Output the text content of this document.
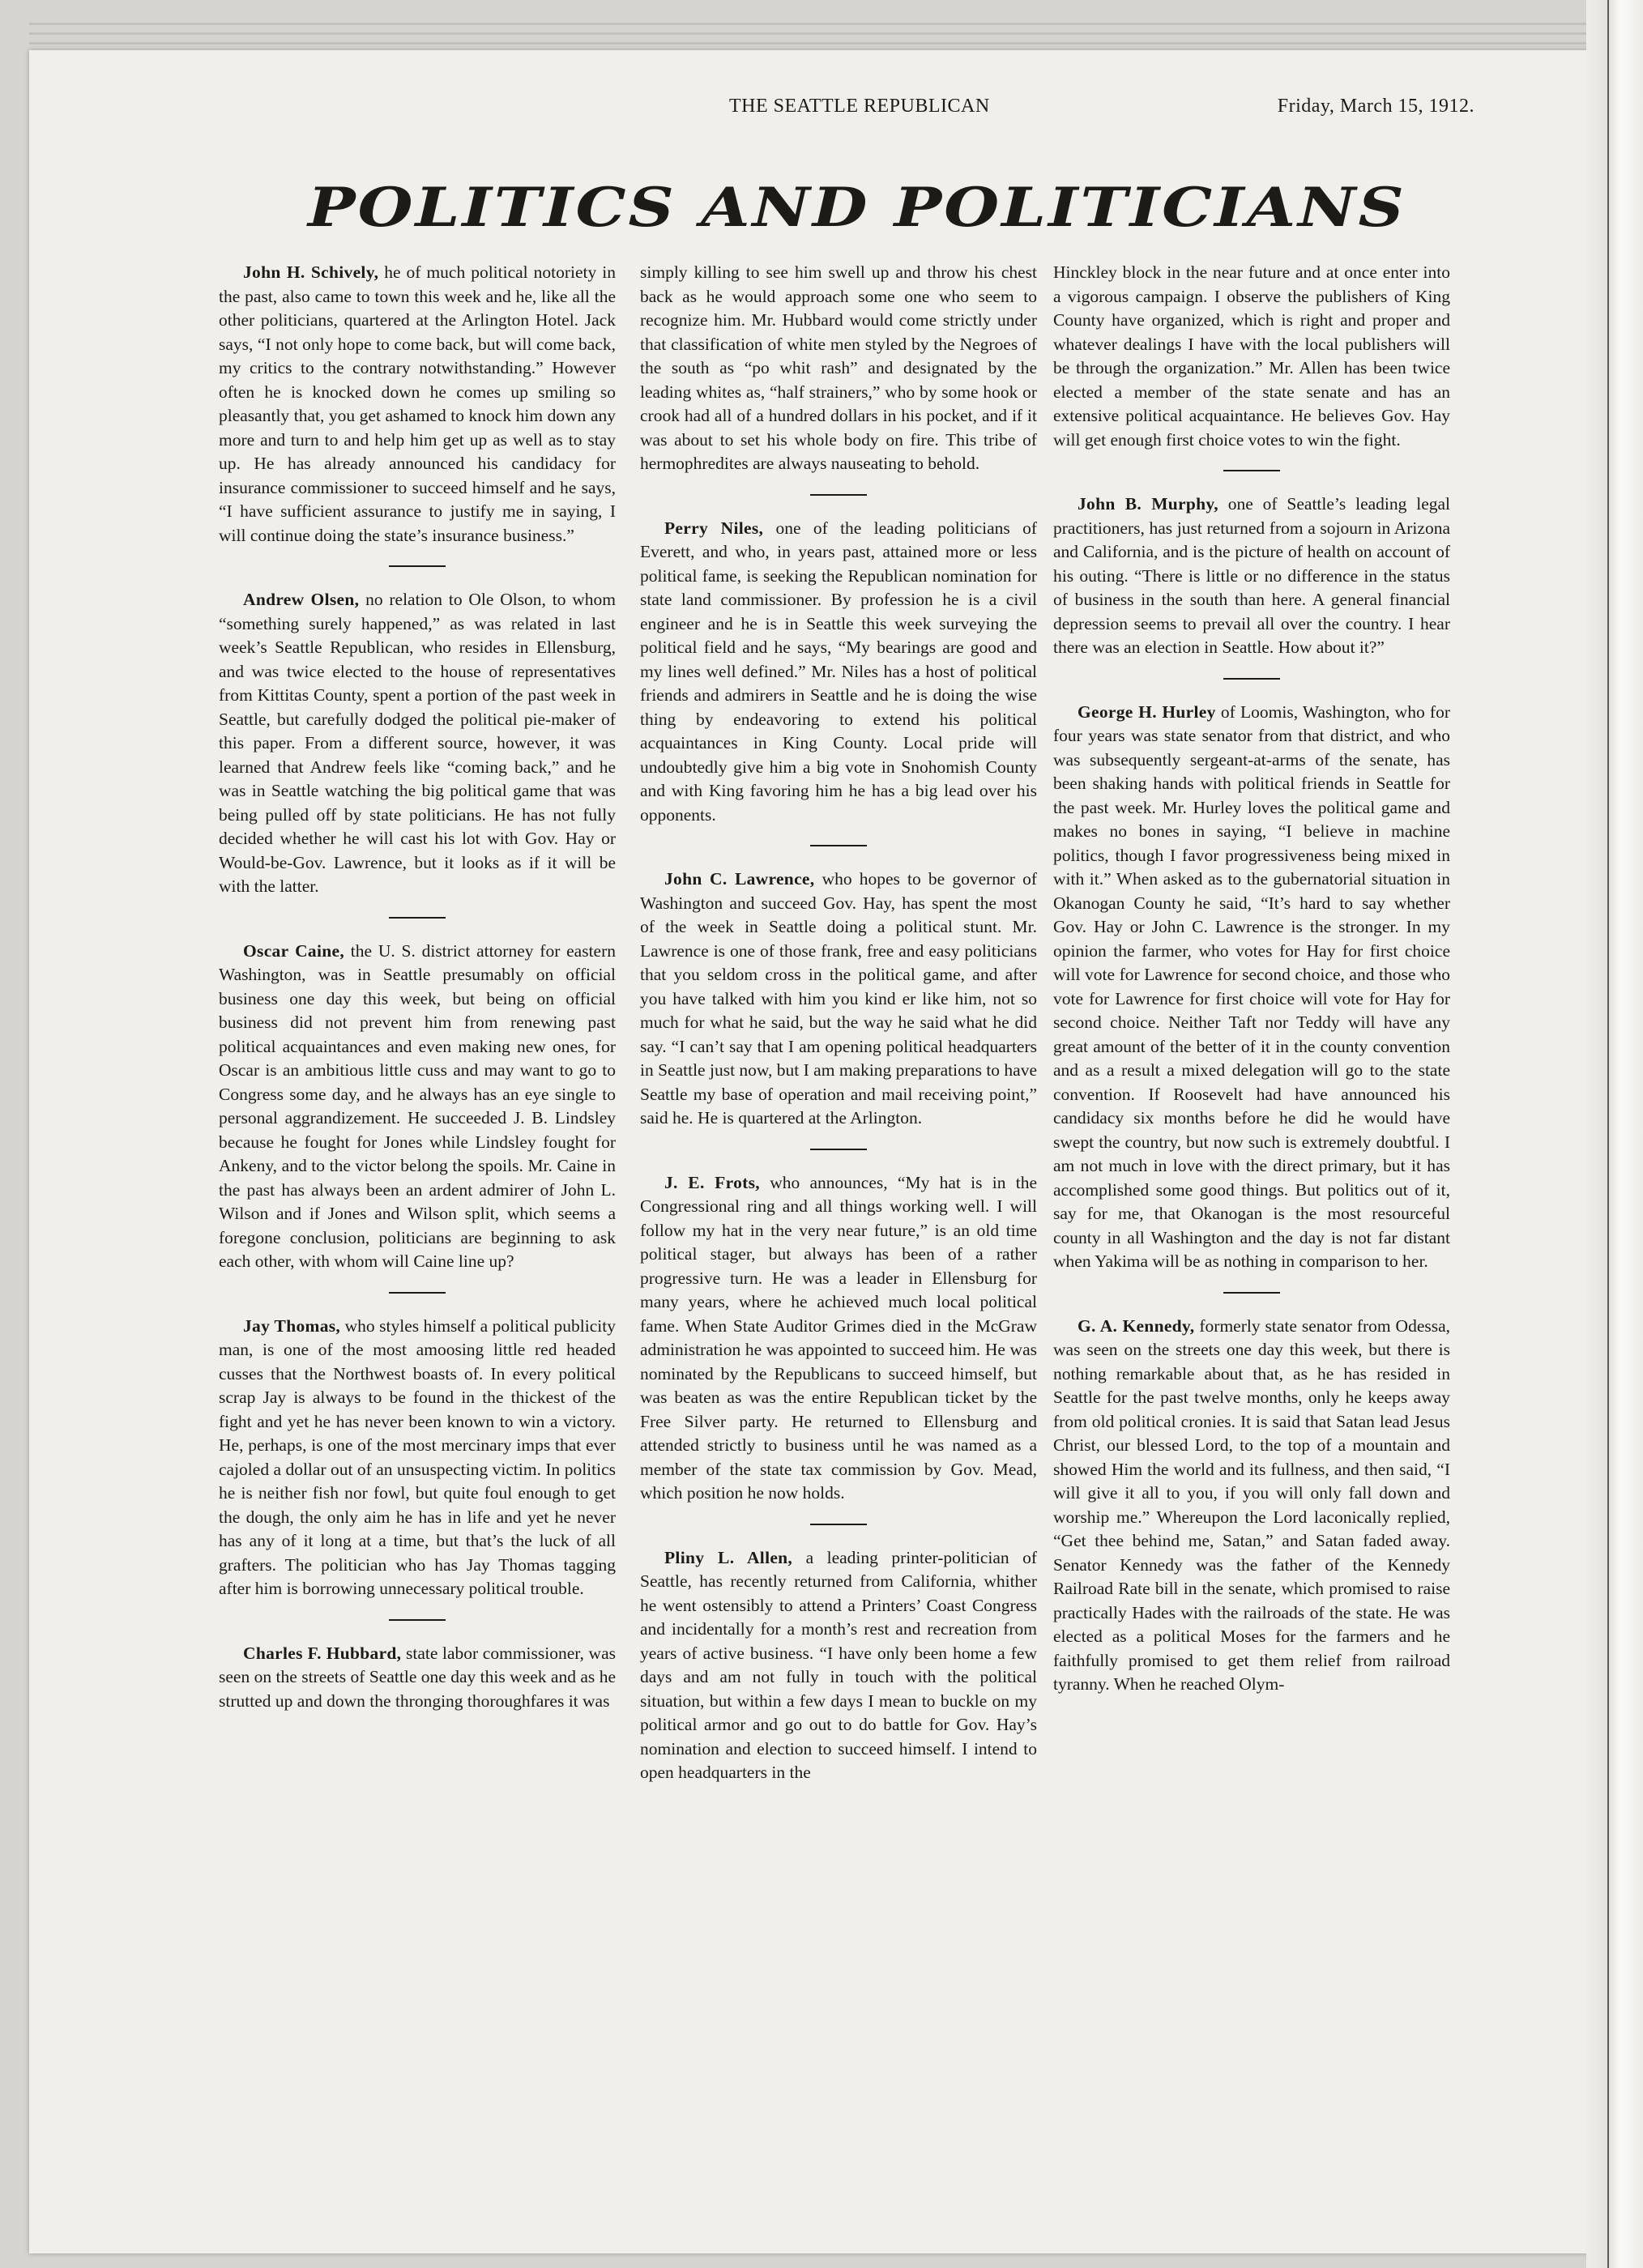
THE SEATTLE REPUBLICAN	Friday, March 15, 1912.
POLITICS AND POLITICIANS

John H. Schively, he of much political notoriety in the past, also came to town this week and he, like all the other politicians, quartered at the Arlington Hotel. Jack says, “I not only hope to come back, but will come back, my critics to the contrary notwithstanding.” However often he is knocked down he comes up smiling so pleasantly that, you get ashamed to knock him down any more and turn to and help him get up as well as to stay up. He has already announced his candidacy for insurance commissioner to succeed himself and he says, “I have sufficient assurance to justify me in saying, I will continue doing the state’s insurance business.”

Andrew Olsen, no relation to Ole Olson, to whom “something surely happened,” as was related in last week’s Seattle Republican, who resides in Ellensburg, and was twice elected to the house of representatives from Kittitas County, spent a portion of the past week in Seattle, but carefully dodged the political pie-maker of this paper. From a different source, however, it was learned that Andrew feels like “coming back,” and he was in Seattle watching the big political game that was being pulled off by state politicians. He has not fully decided whether he will cast his lot with Gov. Hay or Would-be-Gov. Lawrence, but it looks as if it will be with the latter.

Oscar Caine, the U. S. district attorney for eastern Washington, was in Seattle presumably on official business one day this week, but being on official business did not prevent him from renewing past political acquaintances and even making new ones, for Oscar is an ambitious little cuss and may want to go to Congress some day, and he always has an eye single to personal aggrandizement. He succeeded J. B. Lindsley because he fought for Jones while Lindsley fought for Ankeny, and to the victor belong the spoils. Mr. Caine in the past has always been an ardent admirer of John L. Wilson and if Jones and Wilson split, which seems a foregone conclusion, politicians are beginning to ask each other, with whom will Caine line up?

Jay Thomas, who styles himself a political publicity man, is one of the most amoosing little red headed cusses that the Northwest boasts of. In every political scrap Jay is always to be found in the thickest of the fight and yet he has never been known to win a victory. He, perhaps, is one of the most mercinary imps that ever cajoled a dollar out of an unsuspecting victim. In politics he is neither fish nor fowl, but quite foul enough to get the dough, the only aim he has in life and yet he never has any of it long at a time, but that’s the luck of all grafters. The politician who has Jay Thomas tagging after him is borrowing unnecessary political trouble.

Charles F. Hubbard, state labor commissioner, was seen on the streets of Seattle one day this week and as he strutted up and down the thronging thoroughfares it was

simply killing to see him swell up and throw his chest back as he would approach some one who seem to recognize him. Mr. Hubbard would come strictly under that classification of white men styled by the Negroes of the south as “po whit rash” and designated by the leading whites as, “half strainers,” who by some hook or crook had all of a hundred dollars in his pocket, and if it was about to set his whole body on fire. This tribe of hermophredites are always nauseating to behold.

Perry Niles, one of the leading politicians of Everett, and who, in years past, attained more or less political fame, is seeking the Republican nomination for state land commissioner. By profession he is a civil engineer and he is in Seattle this week surveying the political field and he says, “My bearings are good and my lines well defined.” Mr. Niles has a host of political friends and admirers in Seattle and he is doing the wise thing by endeavoring to extend his political acquaintances in King County. Local pride will undoubtedly give him a big vote in Snohomish County and with King favoring him he has a big lead over his opponents.

John C. Lawrence, who hopes to be governor of Washington and succeed Gov. Hay, has spent the most of the week in Seattle doing a political stunt. Mr. Lawrence is one of those frank, free and easy politicians that you seldom cross in the political game, and after you have talked with him you kind er like him, not so much for what he said, but the way he said what he did say. “I can’t say that I am opening political headquarters in Seattle just now, but I am making preparations to have Seattle my base of operation and mail receiving point,” said he. He is quartered at the Arlington.

J. E. Frots, who announces, “My hat is in the Congressional ring and all things working well. I will follow my hat in the very near future,” is an old time political stager, but always has been of a rather progressive turn. He was a leader in Ellensburg for many years, where he achieved much local political fame. When State Auditor Grimes died in the McGraw administration he was appointed to succeed him. He was nominated by the Republicans to succeed himself, but was beaten as was the entire Republican ticket by the Free Silver party. He returned to Ellensburg and attended strictly to business until he was named as a member of the state tax commission by Gov. Mead, which position he now holds.

Pliny L. Allen, a leading printer-politician of Seattle, has recently returned from California, whither he went ostensibly to attend a Printers’ Coast Congress and incidentally for a month’s rest and recreation from years of active business. “I have only been home a few days and am not fully in touch with the political situation, but within a few days I mean to buckle on my political armor and go out to do battle for Gov. Hay’s nomination and election to succeed himself. I intend to open headquarters in the

Hinckley block in the near future and at once enter into a vigorous campaign. I observe the publishers of King County have organized, which is right and proper and whatever dealings I have with the local publishers will be through the organization.” Mr. Allen has been twice elected a member of the state senate and has an extensive political acquaintance. He believes Gov. Hay will get enough first choice votes to win the fight.

John B. Murphy, one of Seattle’s leading legal practitioners, has just returned from a sojourn in Arizona and California, and is the picture of health on account of his outing. “There is little or no difference in the status of business in the south than here. A general financial depression seems to prevail all over the country. I hear there was an election in Seattle. How about it?”

George H. Hurley of Loomis, Washington, who for four years was state senator from that district, and who was subsequently sergeant-at-arms of the senate, has been shaking hands with political friends in Seattle for the past week. Mr. Hurley loves the political game and makes no bones in saying, “I believe in machine politics, though I favor progressiveness being mixed in with it.” When asked as to the gubernatorial situation in Okanogan County he said, “It’s hard to say whether Gov. Hay or John C. Lawrence is the stronger. In my opinion the farmer, who votes for Hay for first choice will vote for Lawrence for second choice, and those who vote for Lawrence for first choice will vote for Hay for second choice. Neither Taft nor Teddy will have any great amount of the better of it in the county convention and as a result a mixed delegation will go to the state convention. If Roosevelt had have announced his candidacy six months before he did he would have swept the country, but now such is extremely doubtful. I am not much in love with the direct primary, but it has accomplished some good things. But politics out of it, say for me, that Okanogan is the most resourceful county in all Washington and the day is not far distant when Yakima will be as nothing in comparison to her.

G. A. Kennedy, formerly state senator from Odessa, was seen on the streets one day this week, but there is nothing remarkable about that, as he has resided in Seattle for the past twelve months, only he keeps away from old political cronies. It is said that Satan lead Jesus Christ, our blessed Lord, to the top of a mountain and showed Him the world and its fullness, and then said, “I will give it all to you, if you will only fall down and worship me.” Whereupon the Lord laconically replied, “Get thee behind me, Satan,” and Satan faded away. Senator Kennedy was the father of the Kennedy Railroad Rate bill in the senate, which promised to raise practically Hades with the railroads of the state. He was elected as a political Moses for the farmers and he faithfully promised to get them relief from railroad tyranny. When he reached Olym-
